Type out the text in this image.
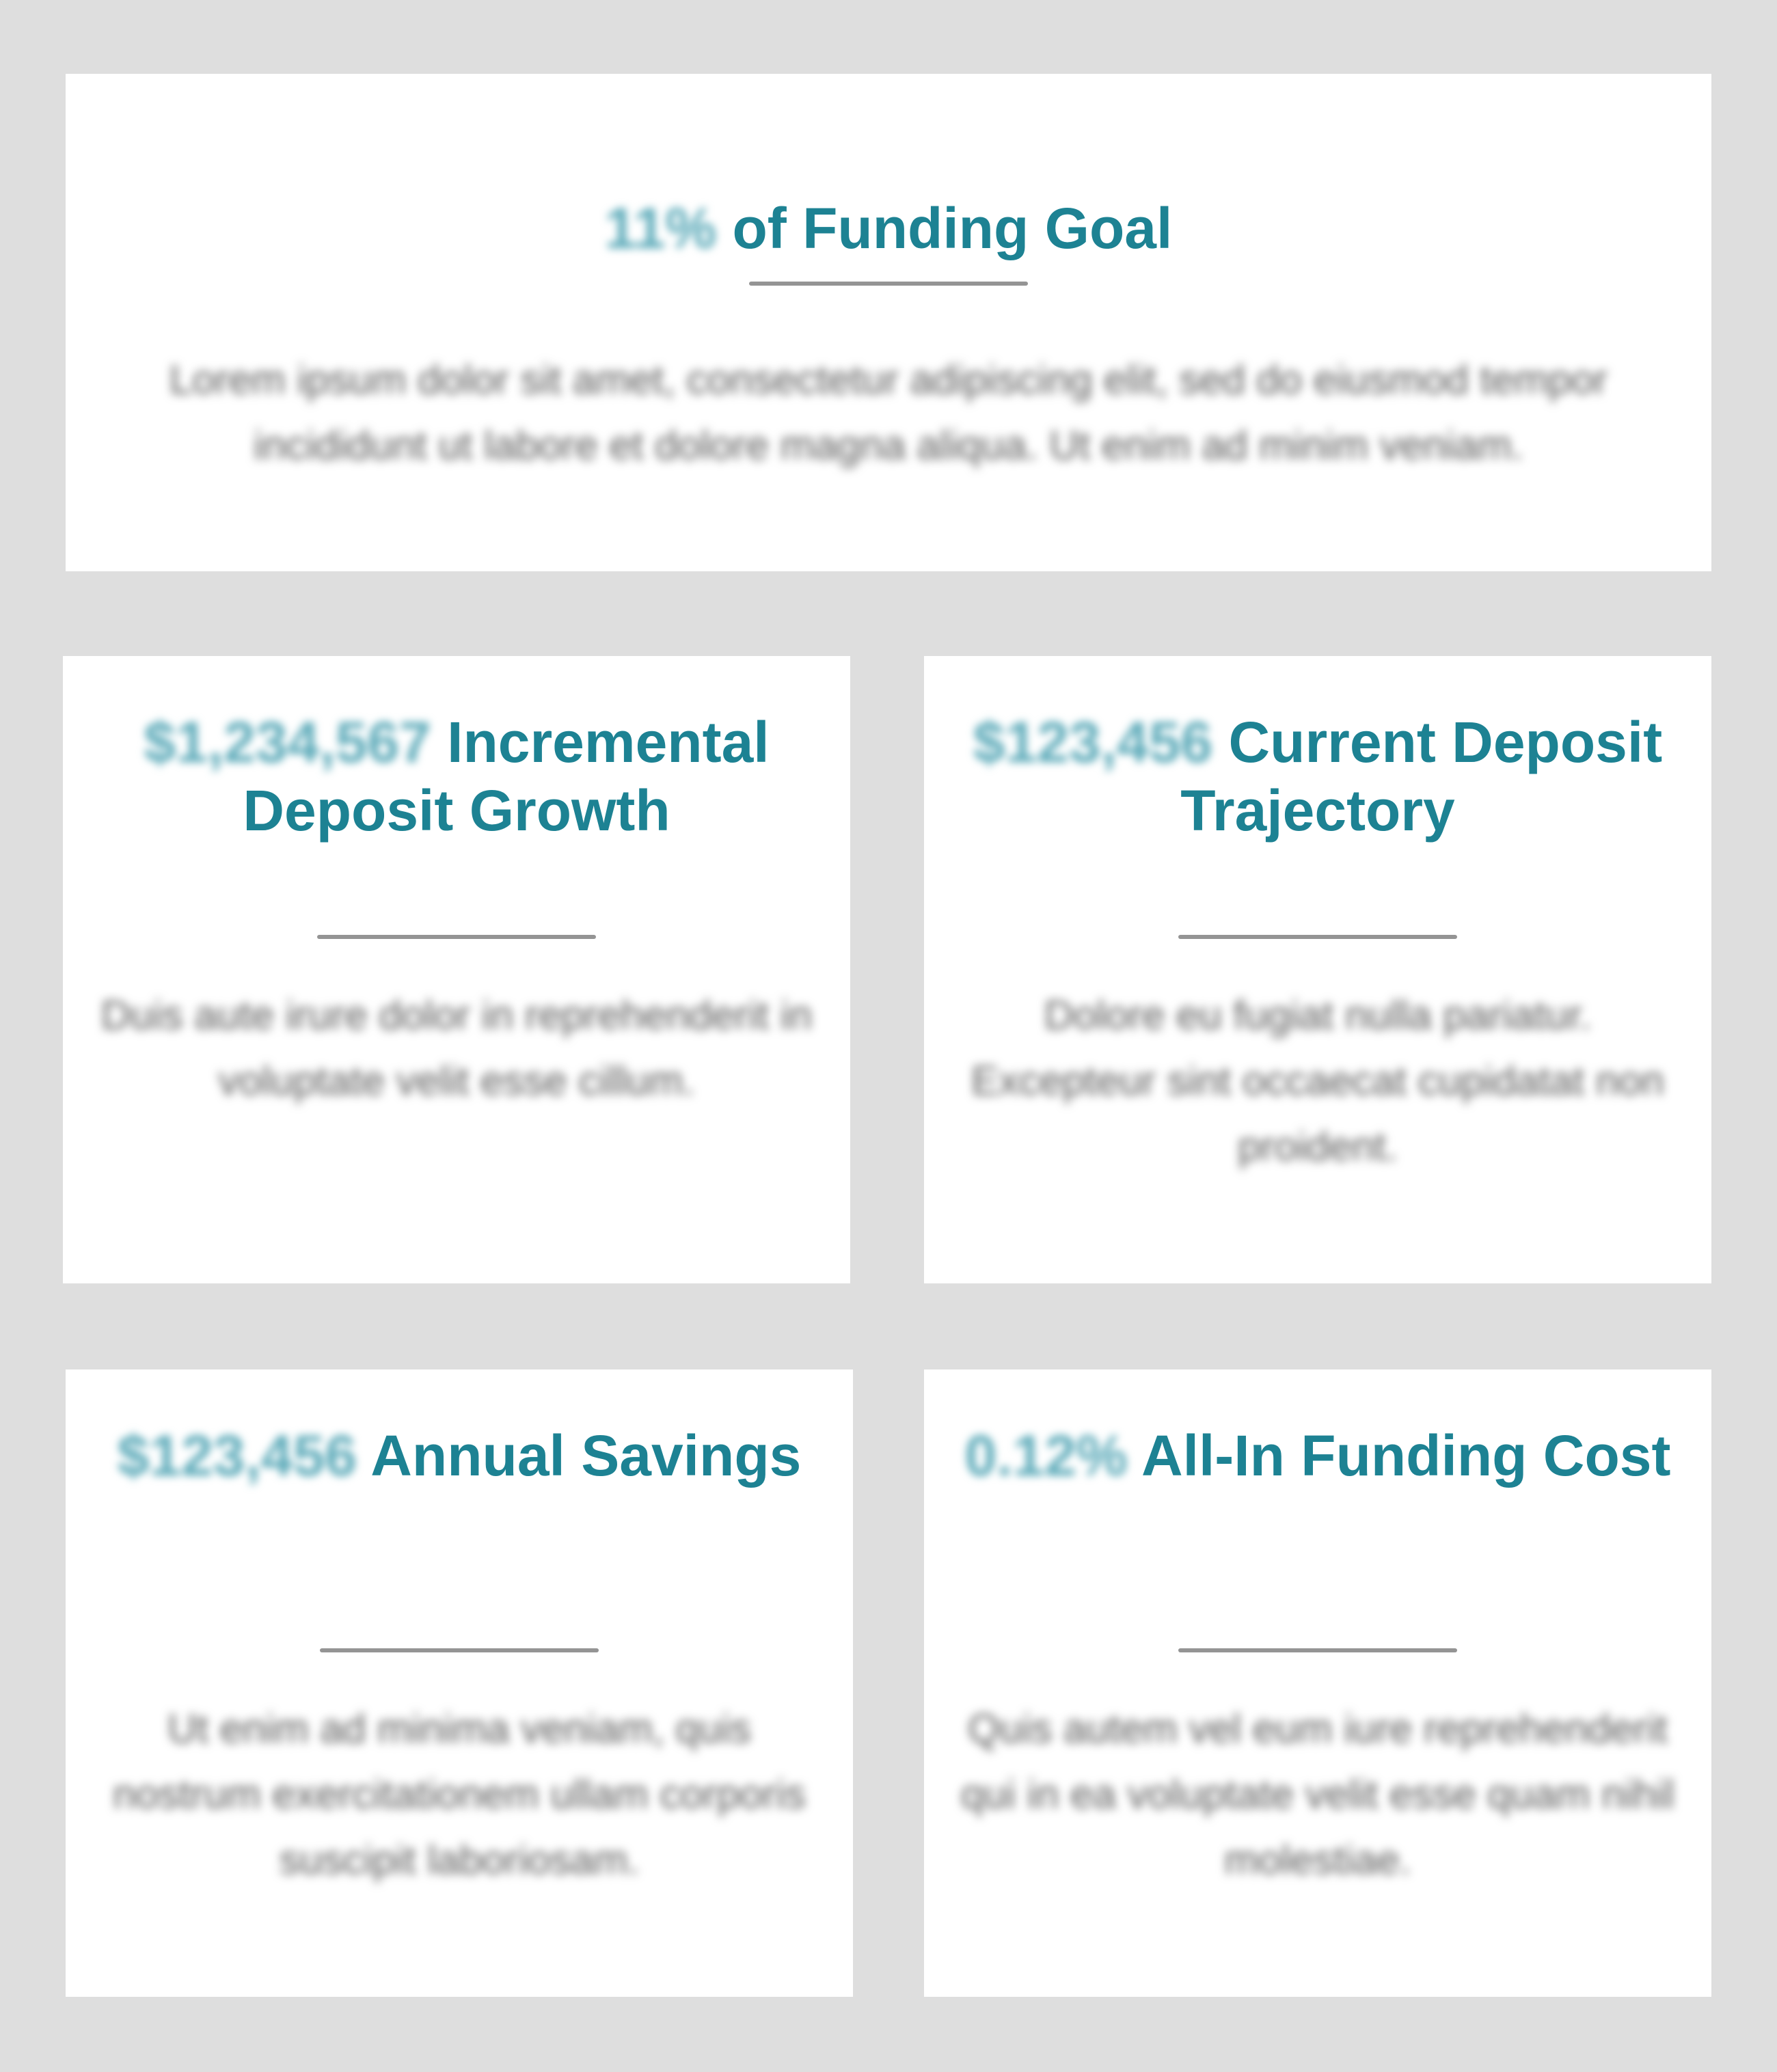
11% of Funding Goal

Lorem ipsum dolor sit amet, consectetur adipiscing elit, sed do eiusmod tempor incididunt ut labore et dolore magna aliqua. Ut enim ad minim veniam.

$1,234,567 Incremental Deposit Growth

Duis aute irure dolor in reprehenderit in voluptate velit esse cillum.

$123,456 Current Deposit Trajectory

Dolore eu fugiat nulla pariatur. Excepteur sint occaecat cupidatat non proident.

$123,456 Annual Savings

Ut enim ad minima veniam, quis nostrum exercitationem ullam corporis suscipit laboriosam.

0.12% All-In Funding Cost

Quis autem vel eum iure reprehenderit qui in ea voluptate velit esse quam nihil molestiae.
